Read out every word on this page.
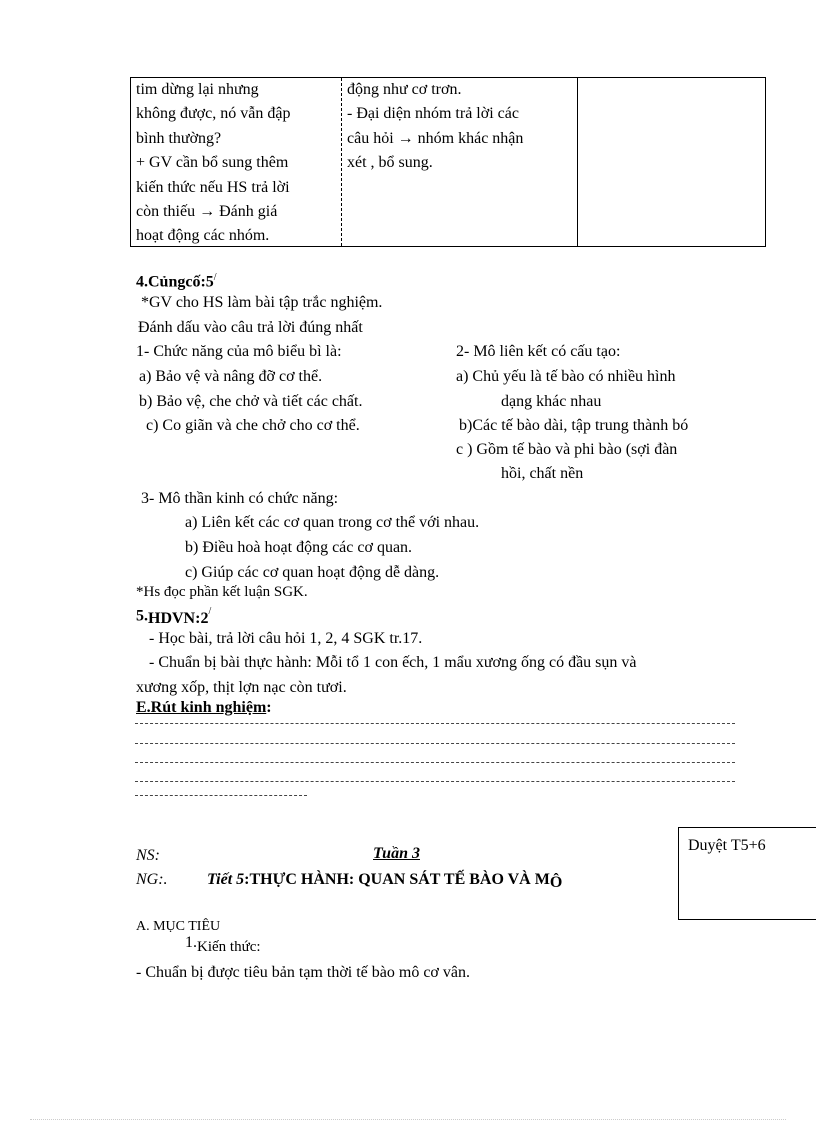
tim dừng lại nhưng
không được, nó vẫn đập
bình thường?
+ GV cần bổ sung thêm
kiến thức nếu HS trả lời
còn thiếu → Đánh giá
hoạt động các nhóm.
động như cơ trơn.
- Đại diện nhóm trả lời các
câu hỏi → nhóm khác nhận
xét , bổ sung.
4.Củngcố:5/
*GV cho HS làm bài tập trắc nghiệm.
Đánh dấu vào câu trả lời đúng nhất
1- Chức năng của mô biểu bì là:
a) Bảo vệ và nâng đỡ cơ thể.
b) Bảo vệ, che chở và tiết các chất.
c) Co giãn và che chở cho cơ thể.
2- Mô liên kết có cấu tạo:
a) Chủ yếu là tế bào có nhiều hình
dạng khác nhau
b)Các tế bào dài, tập trung thành bó
c ) Gồm tế bào và phi bào (sợi đàn
hồi, chất nền
3- Mô thần kinh có chức năng:
a) Liên kết các cơ quan trong cơ thể với nhau.
b) Điều hoà hoạt động các cơ quan.
c) Giúp các cơ quan hoạt động dễ dàng.
*Hs đọc phần kết luận SGK.
5.HDVN:2/
- Học bài, trả lời câu hỏi 1, 2, 4 SGK tr.17.
- Chuẩn bị bài thực hành: Mỗi tổ 1 con ếch, 1 mẩu xương ống có đầu sụn và
xương xốp, thịt lợn nạc còn tươi.
E.Rút kinh nghiệm:
NS:	Tuần 3
NG:. Tiết 5:THỰC HÀNH: QUAN SÁT TẾ BÀO VÀ MÔ
Duyệt T5+6
A. MỤC TIÊU
1.Kiến thức:
- Chuẩn bị được tiêu bản tạm thời tế bào mô cơ vân.
